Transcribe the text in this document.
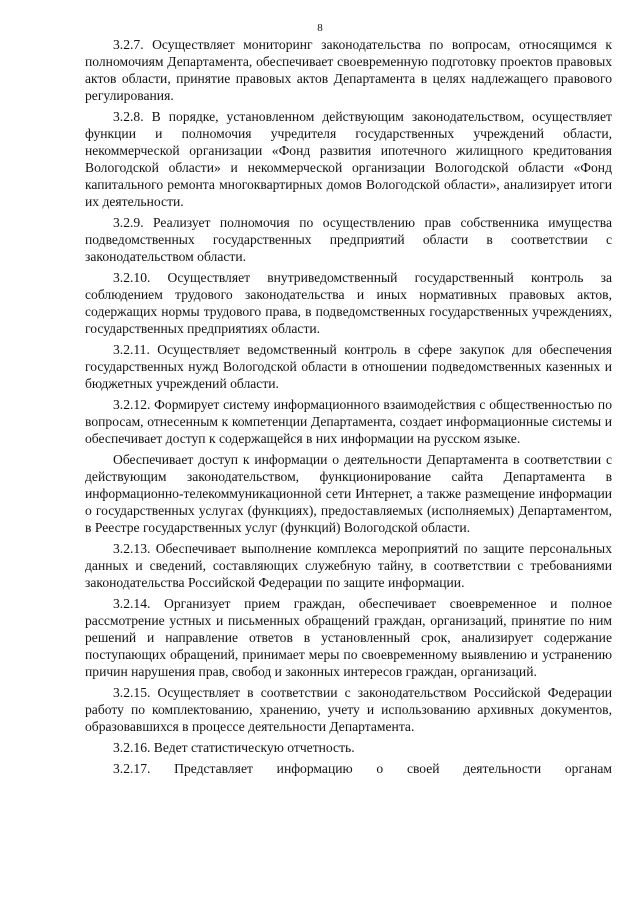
8

3.2.7. Осуществляет мониторинг законодательства по вопросам, относящимся к полномочиям Департамента, обеспечивает своевременную подготовку проектов правовых актов области, принятие правовых актов Департамента в целях надлежащего правового регулирования.

3.2.8. В порядке, установленном действующим законодательством, осуществляет функции и полномочия учредителя государственных учреждений области, некоммерческой организации «Фонд развития ипотечного жилищного кредитования Вологодской области» и некоммерческой организации Вологодской области «Фонд капитального ремонта многоквартирных домов Вологодской области», анализирует итоги их деятельности.

3.2.9. Реализует полномочия по осуществлению прав собственника имущества подведомственных государственных предприятий области в соответствии с законодательством области.

3.2.10. Осуществляет внутриведомственный государственный контроль за соблюдением трудового законодательства и иных нормативных правовых актов, содержащих нормы трудового права, в подведомственных государственных учреждениях, государственных предприятиях области.

3.2.11. Осуществляет ведомственный контроль в сфере закупок для обеспечения государственных нужд Вологодской области в отношении подведомственных казенных и бюджетных учреждений области.

3.2.12. Формирует систему информационного взаимодействия с общественностью по вопросам, отнесенным к компетенции Департамента, создает информационные системы и обеспечивает доступ к содержащейся в них информации на русском языке.

Обеспечивает доступ к информации о деятельности Департамента в соответствии с действующим законодательством, функционирование сайта Департамента в информационно-телекоммуникационной сети Интернет, а также размещение информации о государственных услугах (функциях), предоставляемых (исполняемых) Департаментом, в Реестре государственных услуг (функций) Вологодской области.

3.2.13. Обеспечивает выполнение комплекса мероприятий по защите персональных данных и сведений, составляющих служебную тайну, в соответствии с требованиями законодательства Российской Федерации по защите информации.

3.2.14. Организует прием граждан, обеспечивает своевременное и полное рассмотрение устных и письменных обращений граждан, организаций, принятие по ним решений и направление ответов в установленный срок, анализирует содержание поступающих обращений, принимает меры по своевременному выявлению и устранению причин нарушения прав, свобод и законных интересов граждан, организаций.

3.2.15. Осуществляет в соответствии с законодательством Российской Федерации работу по комплектованию, хранению, учету и использованию архивных документов, образовавшихся в процессе деятельности Департамента.

3.2.16. Ведет статистическую отчетность.

3.2.17. Представляет информацию о своей деятельности органам
